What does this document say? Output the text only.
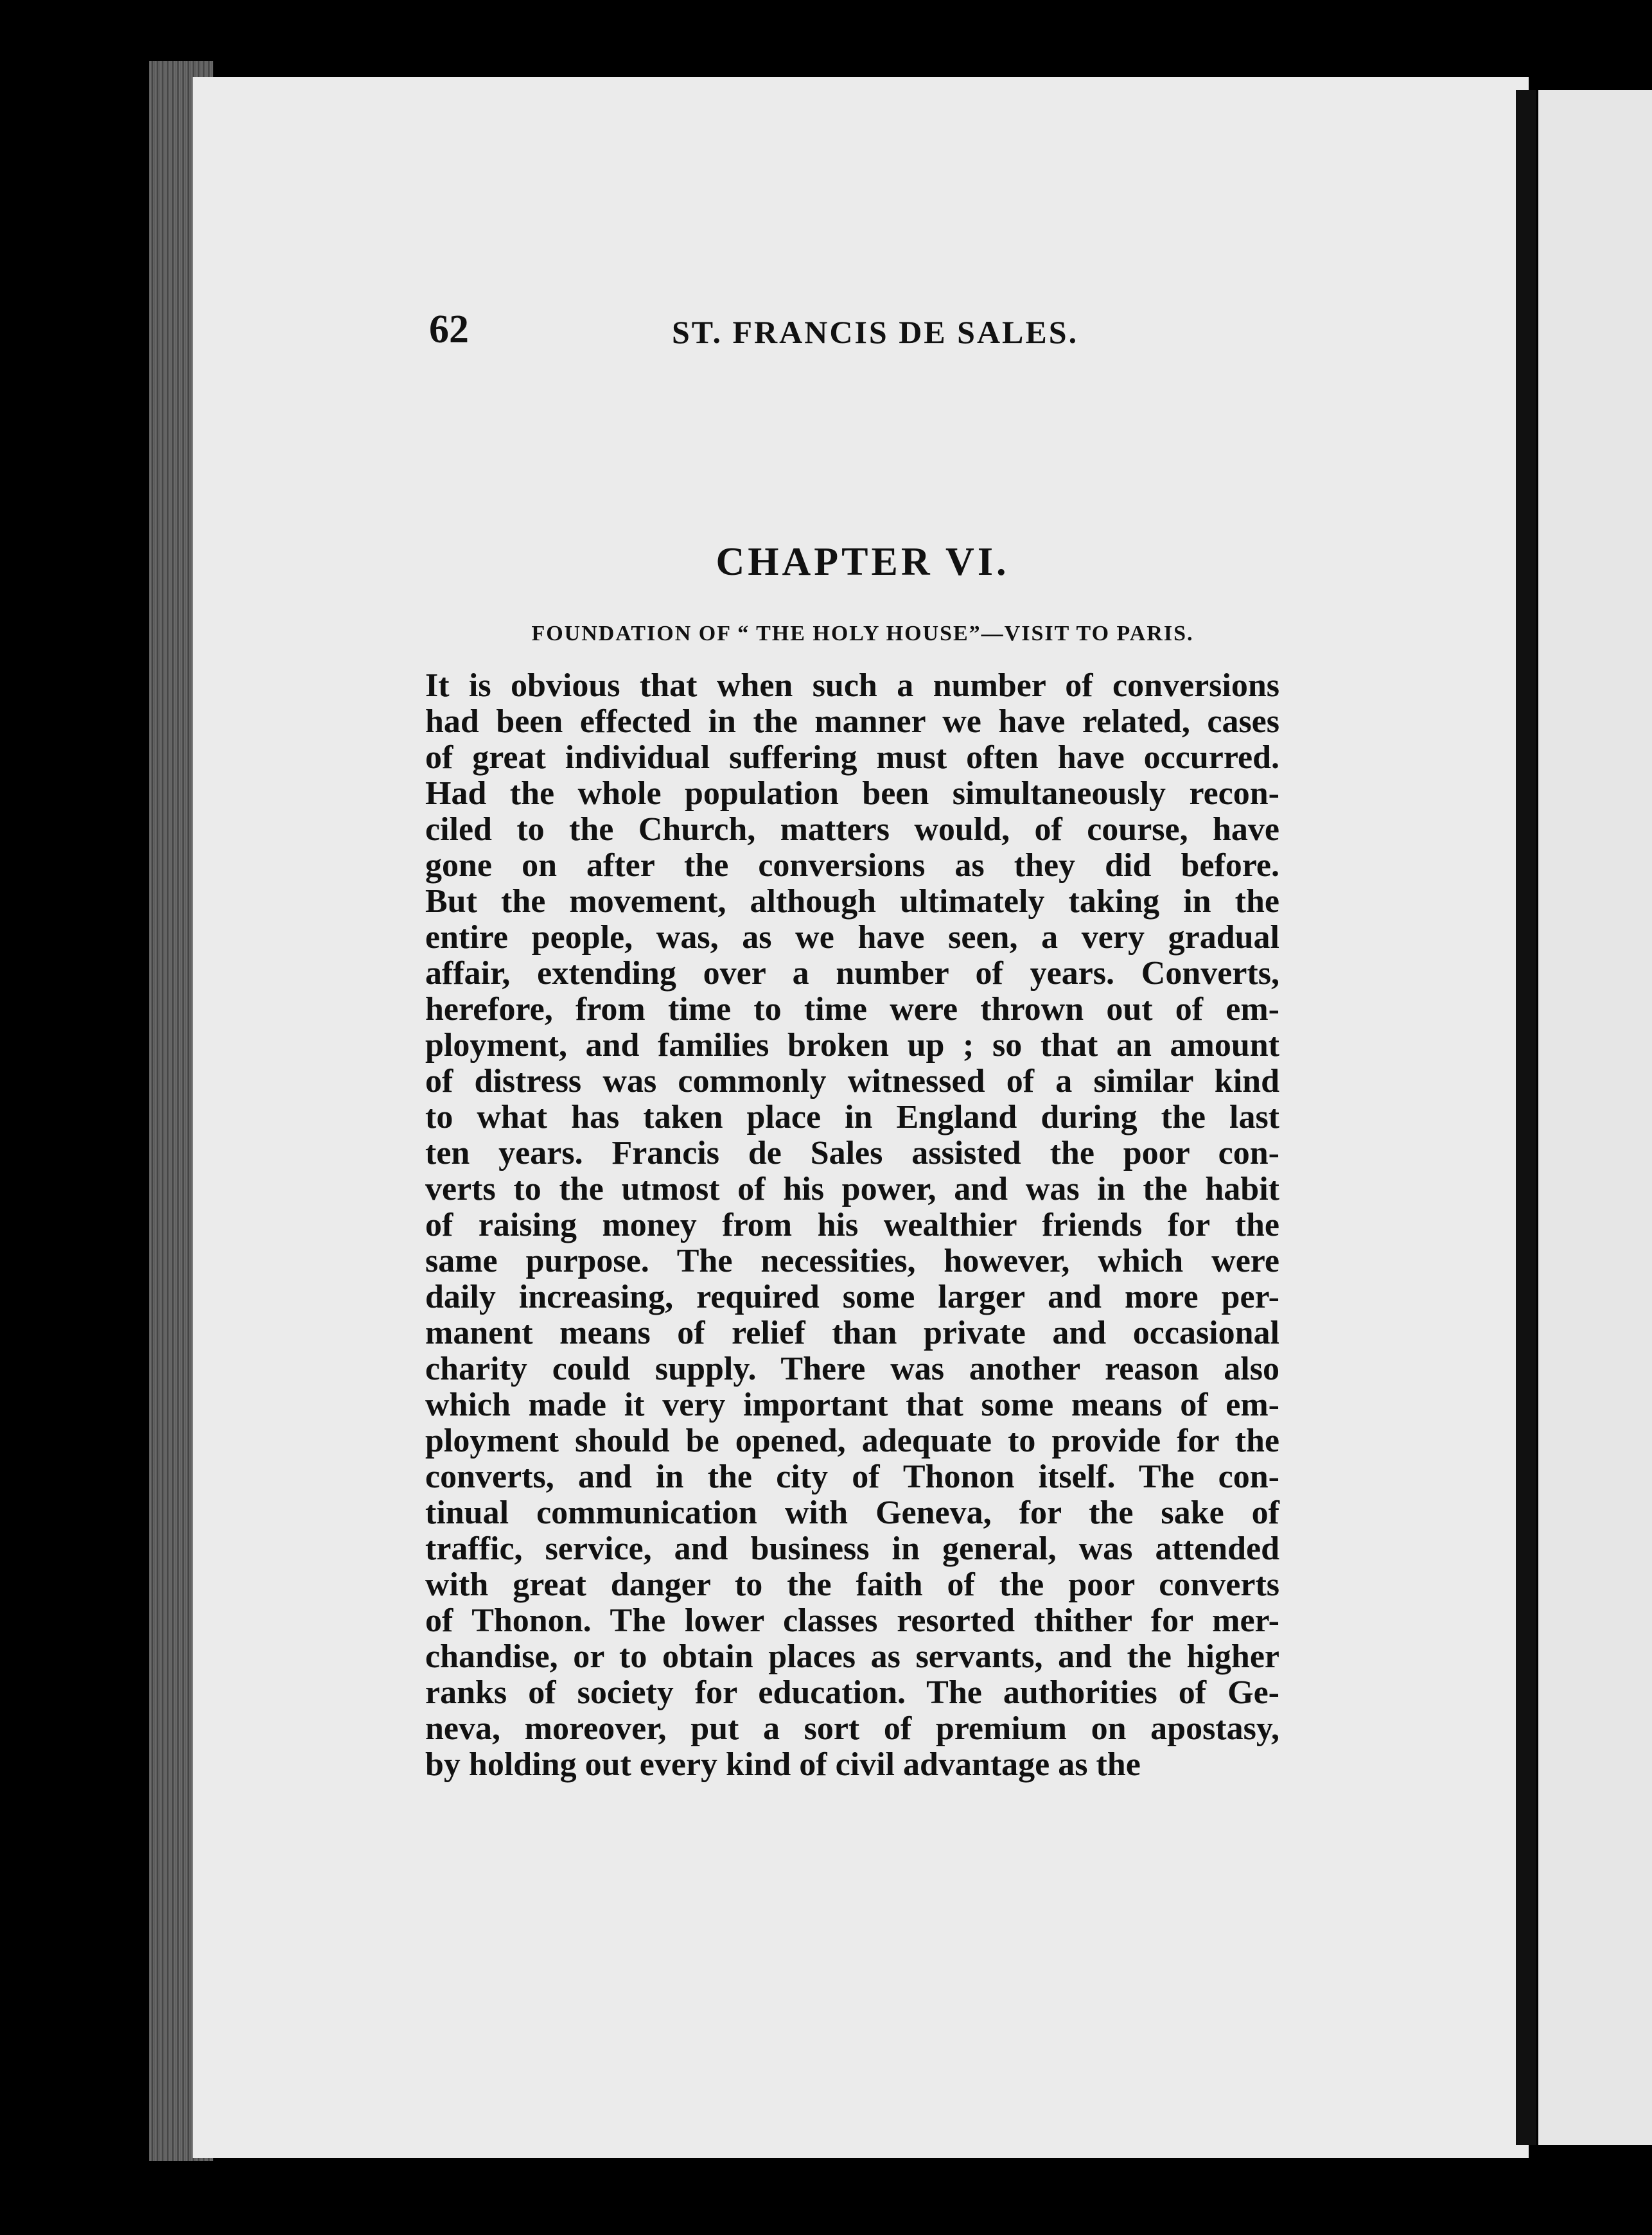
62	ST. FRANCIS DE SALES.
CHAPTER VI.
FOUNDATION OF “ THE HOLY HOUSE”—VISIT TO PARIS.
It is obvious that when such a number of conversions
had been effected in the manner we have related, cases
of great individual suffering must often have occurred.
Had the whole population been simultaneously recon-
ciled to the Church, matters would, of course, have
gone on after the conversions as they did before.
But the movement, although ultimately taking in the
entire people, was, as we have seen, a very gradual
affair, extending over a number of years. Converts,
herefore, from time to time were thrown out of em-
ployment, and families broken up ; so that an amount
of distress was commonly witnessed of a similar kind
to what has taken place in England during the last
ten years. Francis de Sales assisted the poor con-
verts to the utmost of his power, and was in the habit
of raising money from his wealthier friends for the
same purpose. The necessities, however, which were
daily increasing, required some larger and more per-
manent means of relief than private and occasional
charity could supply. There was another reason also
which made it very important that some means of em-
ployment should be opened, adequate to provide for the
converts, and in the city of Thonon itself. The con-
tinual communication with Geneva, for the sake of
traffic, service, and business in general, was attended
with great danger to the faith of the poor converts
of Thonon. The lower classes resorted thither for mer-
chandise, or to obtain places as servants, and the higher
ranks of society for education. The authorities of Ge-
neva, moreover, put a sort of premium on apostasy,
by holding out every kind of civil advantage as the
